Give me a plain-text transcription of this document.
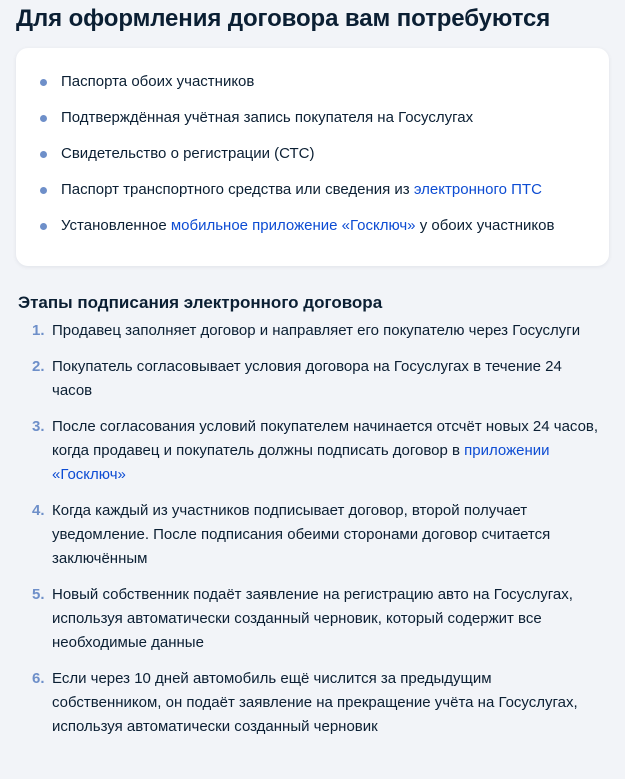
Для оформления договора вам потребуются
Паспорта обоих участников
Подтверждённая учётная запись покупателя на Госуслугах
Свидетельство о регистрации (СТС)
Паспорт транспортного средства или сведения из электронного ПТС
Установленное мобильное приложение «Госключ» у обоих участников
Этапы подписания электронного договора
1. Продавец заполняет договор и направляет его покупателю через Госуслуги
2. Покупатель согласовывает условия договора на Госуслугах в течение 24 часов
3. После согласования условий покупателем начинается отсчёт новых 24 часов, когда продавец и покупатель должны подписать договор в приложении «Госключ»
4. Когда каждый из участников подписывает договор, второй получает уведомление. После подписания обеими сторонами договор считается заключённым
5. Новый собственник подаёт заявление на регистрацию авто на Госуслугах, используя автоматически созданный черновик, который содержит все необходимые данные
6. Если через 10 дней автомобиль ещё числится за предыдущим собственником, он подаёт заявление на прекращение учёта на Госуслугах, используя автоматически созданный черновик
